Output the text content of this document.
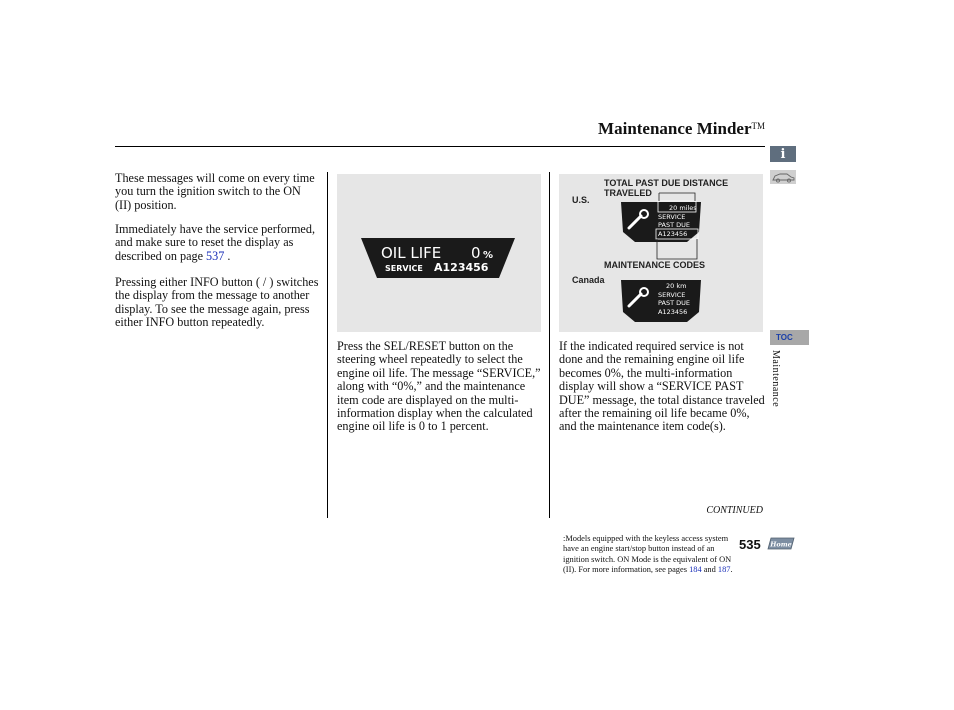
Maintenance Minder™
These messages will come on every time you turn the ignition switch to the ON (II) position.
Immediately have the service performed, and make sure to reset the display as described on page 537 .
Pressing either INFO button ( / ) switches the display from the message to another display. To see the message again, press either INFO button repeatedly.
OIL LIFE 0 %
SERVICE A123456
Press the SEL/RESET button on the steering wheel repeatedly to select the engine oil life. The message “SERVICE,” along with “0%,” and the maintenance item code are displayed on the multi-information display when the calculated engine oil life is 0 to 1 percent.
20 miles
SERVICE
PAST DUE
A123456
20 km
SERVICE
PAST DUE
A123456
TOTAL PAST DUE DISTANCE TRAVELED
U.S.
MAINTENANCE CODES
Canada
If the indicated required service is not done and the remaining engine oil life becomes 0%, the multi-information display will show a “SERVICE PAST DUE” message, the total distance traveled after the remaining oil life became 0%, and the maintenance item code(s).
CONTINUED
:Models equipped with the keyless access system have an engine start/stop button instead of an ignition switch. ON Mode is the equivalent of ON (II). For more information, see pages 184 and 187.
535 Home
i
TOC
Maintenance
